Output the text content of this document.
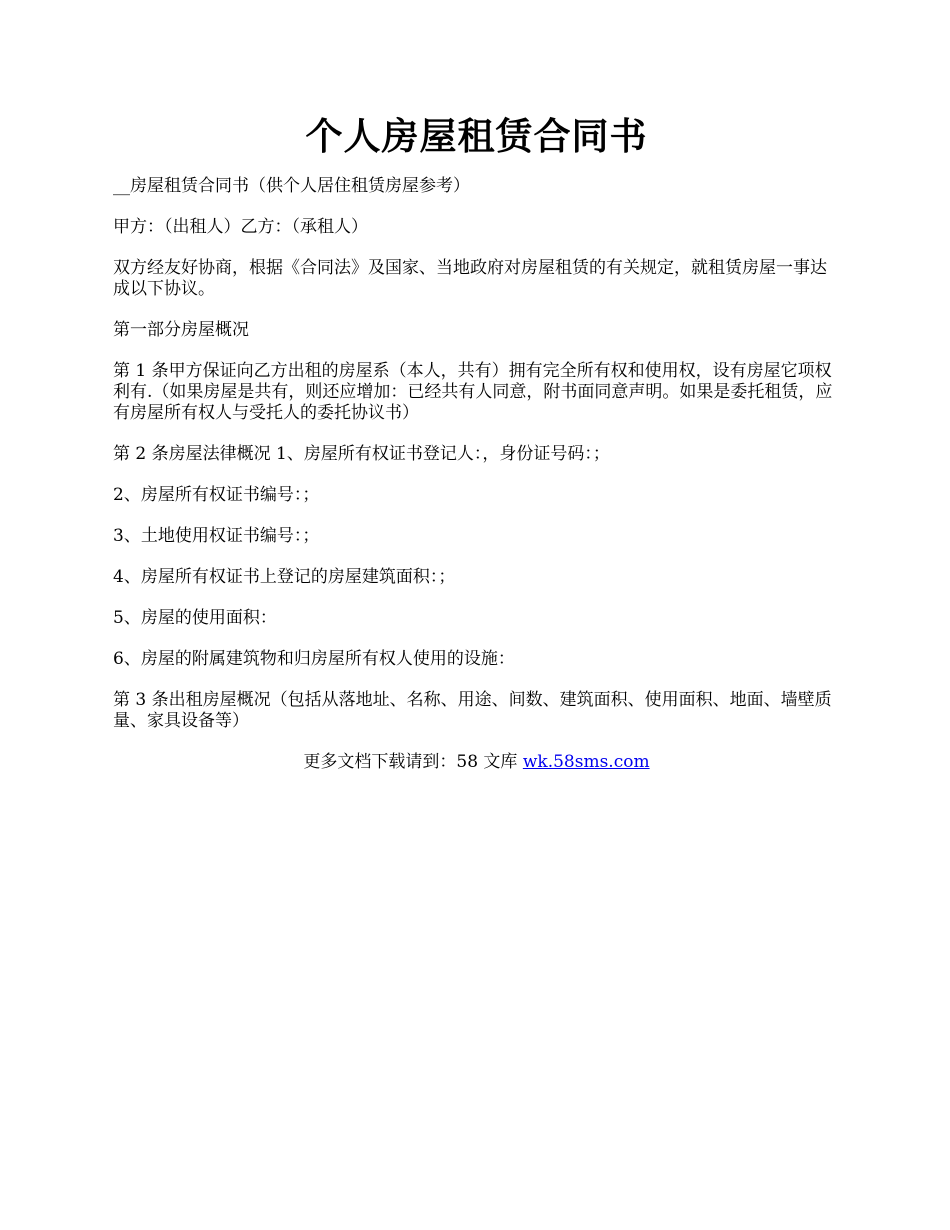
个人房屋租赁合同书

__房屋租赁合同书（供个人居住租赁房屋参考）

甲方：（出租人）乙方：（承租人）

双方经友好协商，根据《合同法》及国家、当地政府对房屋租赁的有关规定，就租赁房屋一事达成以下协议。

第一部分房屋概况

第 1 条甲方保证向乙方出租的房屋系（本人，共有）拥有完全所有权和使用权，设有房屋它项权利有.（如果房屋是共有，则还应增加：已经共有人同意，附书面同意声明。如果是委托租赁，应有房屋所有权人与受托人的委托协议书）

第 2 条房屋法律概况 1、房屋所有权证书登记人：，身份证号码：；

2、房屋所有权证书编号：；

3、土地使用权证书编号：；

4、房屋所有权证书上登记的房屋建筑面积：；

5、房屋的使用面积：

6、房屋的附属建筑物和归房屋所有权人使用的设施：

第 3 条出租房屋概况（包括从落地址、名称、用途、间数、建筑面积、使用面积、地面、墙壁质量、家具设备等）

更多文档下载请到：58 文库 wk.58sms.com
